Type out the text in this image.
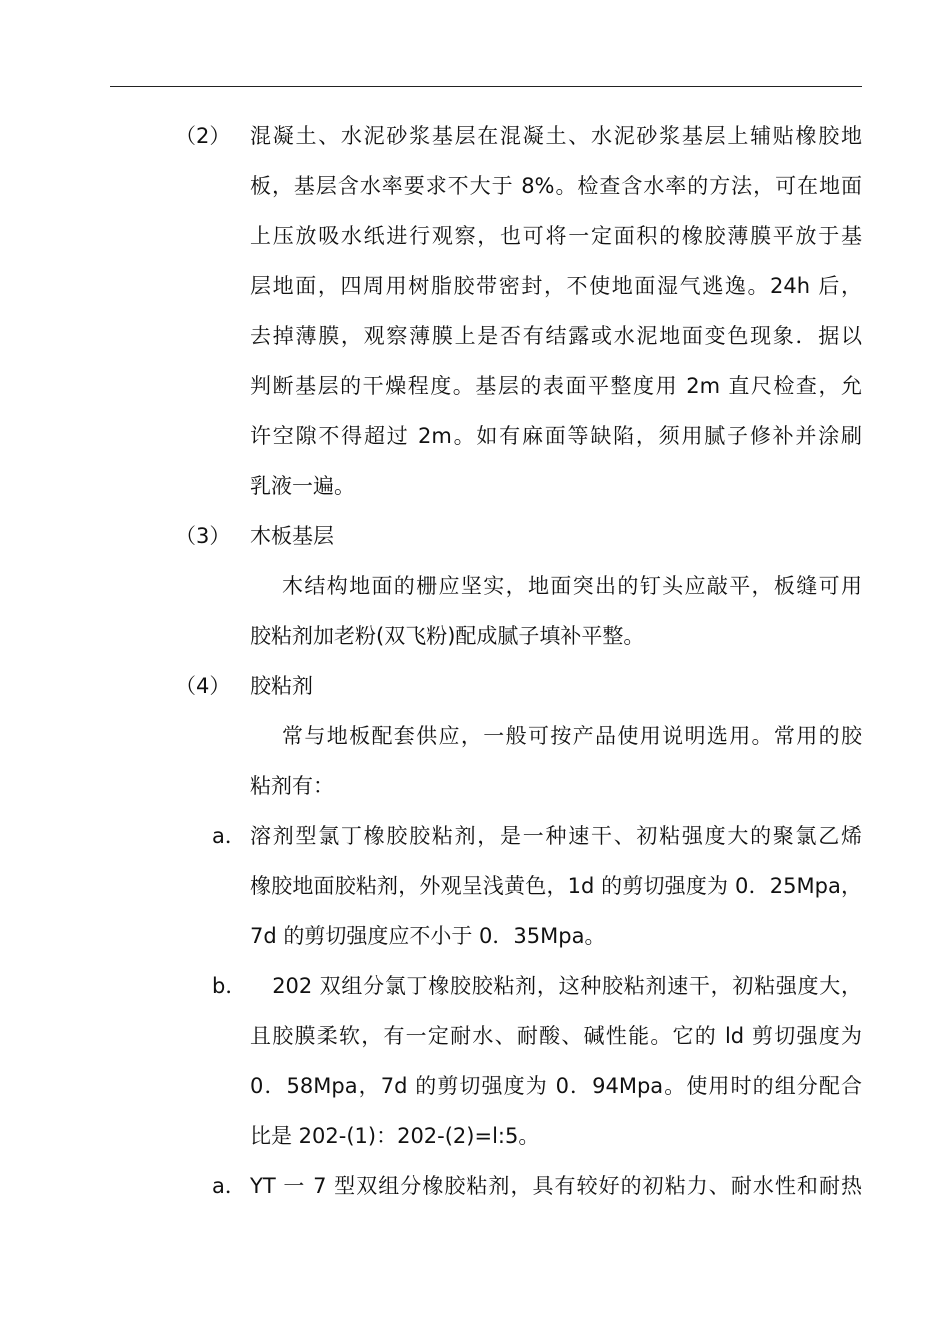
（2） 混凝土、水泥砂浆基层在混凝土、水泥砂浆基层上辅贴橡胶地
板，基层含水率要求不大于 8%。检查含水率的方法，可在地面
上压放吸水纸进行观察，也可将一定面积的橡胶薄膜平放于基
层地面，四周用树脂胶带密封，不使地面湿气逃逸。24h 后，
去掉薄膜，观察薄膜上是否有结露或水泥地面变色现象．据以
判断基层的干燥程度。基层的表面平整度用 2m 直尺检查，允
许空隙不得超过 2m。如有麻面等缺陷，须用腻子修补并涂刷
乳液一遍。
（3） 木板基层
木结构地面的栅应坚实，地面突出的钉头应敲平，板缝可用
胶粘剂加老粉(双飞粉)配成腻子填补平整。
（4） 胶粘剂
常与地板配套供应，一般可按产品使用说明选用。常用的胶
粘剂有：
a． 溶剂型氯丁橡胶胶粘剂，是一种速干、初粘强度大的聚氯乙烯
橡胶地面胶粘剂，外观呈浅黄色，1d 的剪切强度为 0．25Mpa，
7d 的剪切强度应不小于 0．35Mpa。
b． 202 双组分氯丁橡胶胶粘剂，这种胶粘剂速干，初粘强度大，
且胶膜柔软，有一定耐水、耐酸、碱性能。它的 ld 剪切强度为
0．58Mpa，7d 的剪切强度为 0．94Mpa。使用时的组分配合
比是 202-(1)：202-(2)=l:5。
a． YT 一 7 型双组分橡胶粘剂，具有较好的初粘力、耐水性和耐热
